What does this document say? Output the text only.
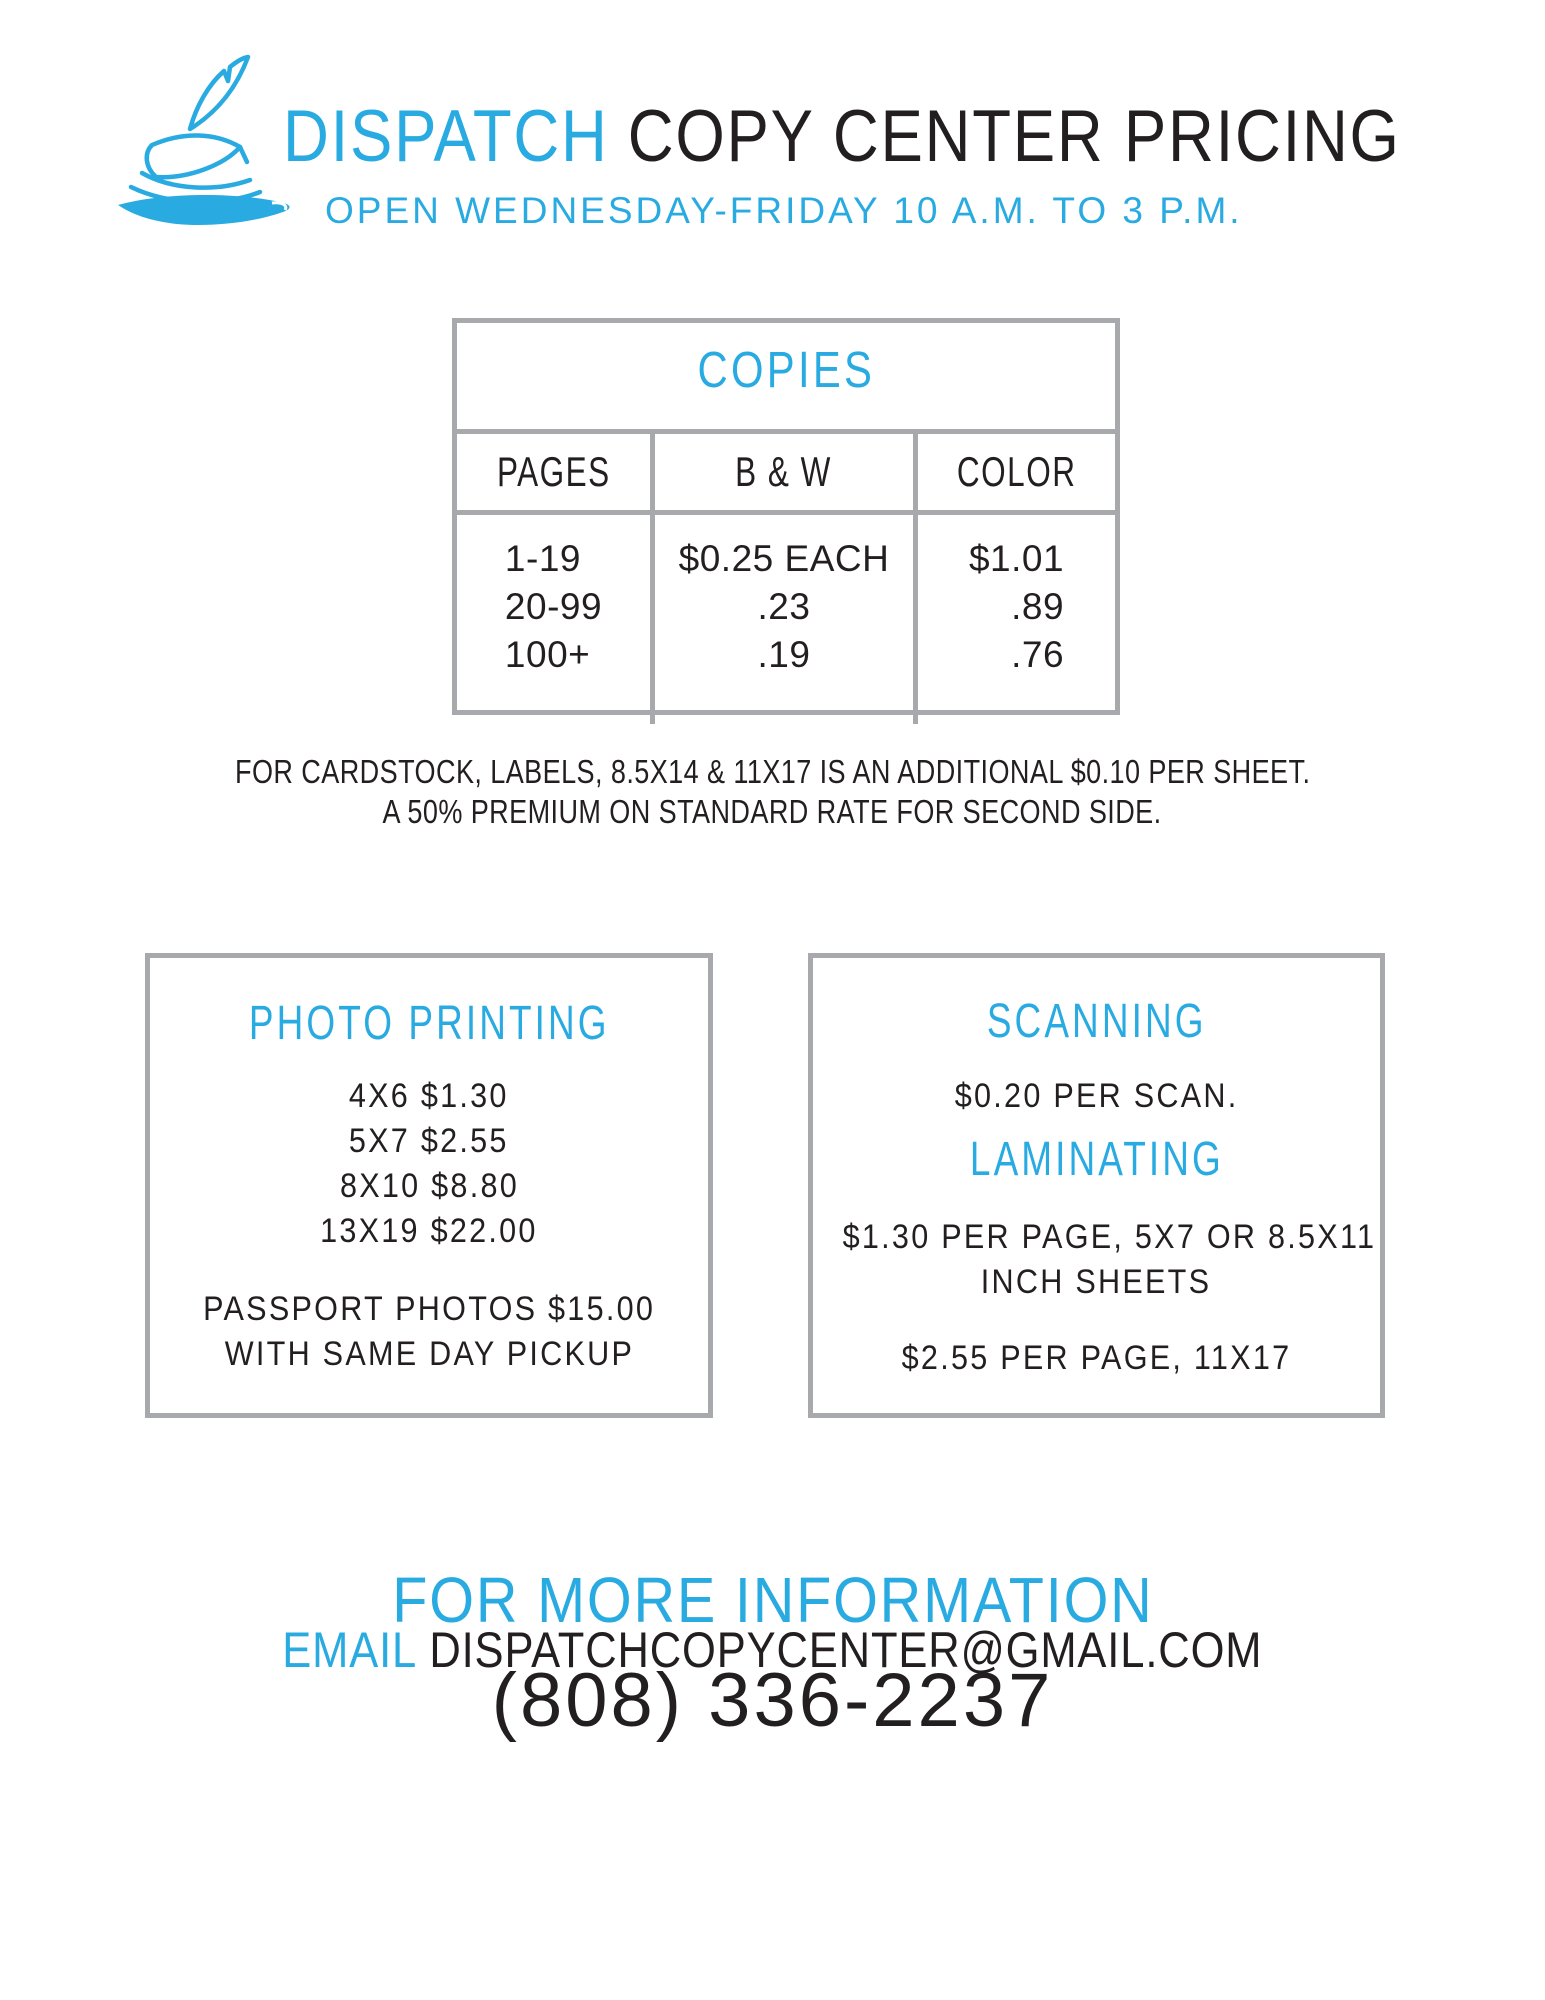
DISPATCH COPY CENTER PRICING
OPEN WEDNESDAY-FRIDAY 10 A.M. TO 3 P.M.
COPIES
PAGES	B & W	COLOR
1-19
20-99
100+
$0.25 EACH
.23
.19
$1.01
.89
.76
FOR CARDSTOCK, LABELS, 8.5X14 & 11X17 IS AN ADDITIONAL $0.10 PER SHEET.
A 50% PREMIUM ON STANDARD RATE FOR SECOND SIDE.
PHOTO PRINTING
4X6 $1.30
5X7 $2.55
8X10 $8.80
13X19 $22.00
PASSPORT PHOTOS $15.00
WITH SAME DAY PICKUP
SCANNING
$0.20 PER SCAN.
LAMINATING
$1.30 PER PAGE, 5X7 OR 8.5X11
INCH SHEETS
$2.55 PER PAGE, 11X17
FOR MORE INFORMATION
EMAIL DISPATCHCOPYCENTER@GMAIL.COM
(808) 336-2237
